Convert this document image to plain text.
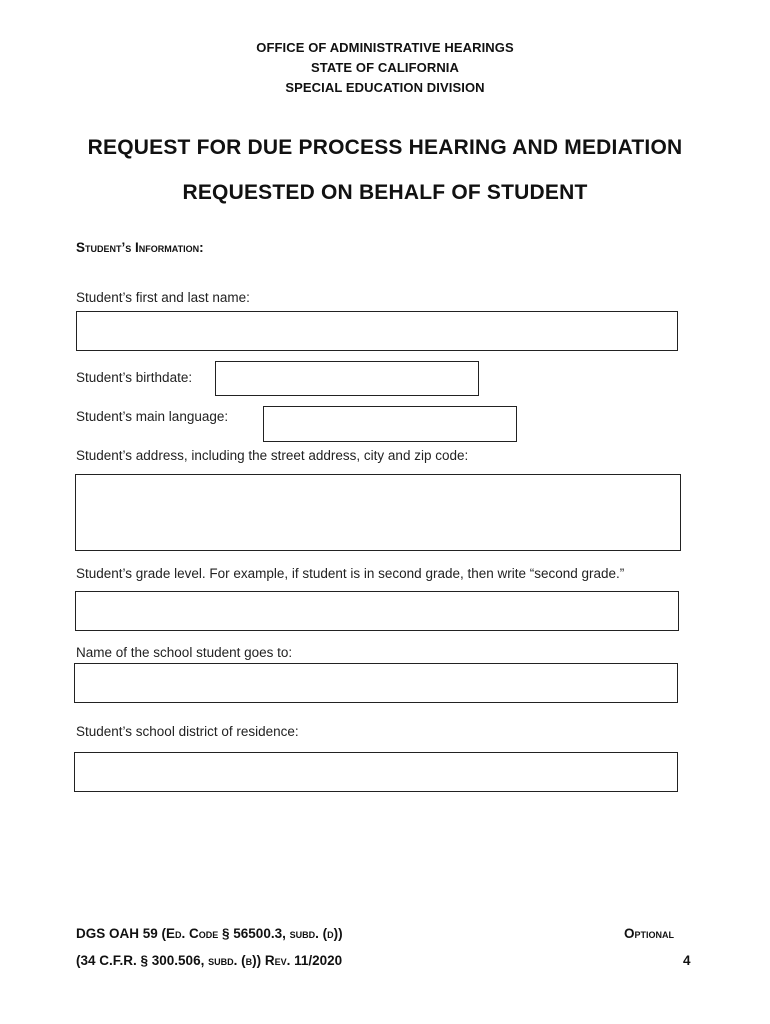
OFFICE OF ADMINISTRATIVE HEARINGS
STATE OF CALIFORNIA
SPECIAL EDUCATION DIVISION
REQUEST FOR DUE PROCESS HEARING AND MEDIATION
REQUESTED ON BEHALF OF STUDENT
Student’s Information:
Student’s first and last name:
Student’s birthdate:
Student’s main language:
Student’s address, including the street address, city and zip code:
Student’s grade level. For example, if student is in second grade, then write “second grade.”
Name of the school student goes to:
Student’s school district of residence:
DGS OAH 59 (Ed. Code § 56500.3, subd. (d))	Optional
(34 C.F.R. § 300.506, subd. (b)) Rev. 11/2020	4
